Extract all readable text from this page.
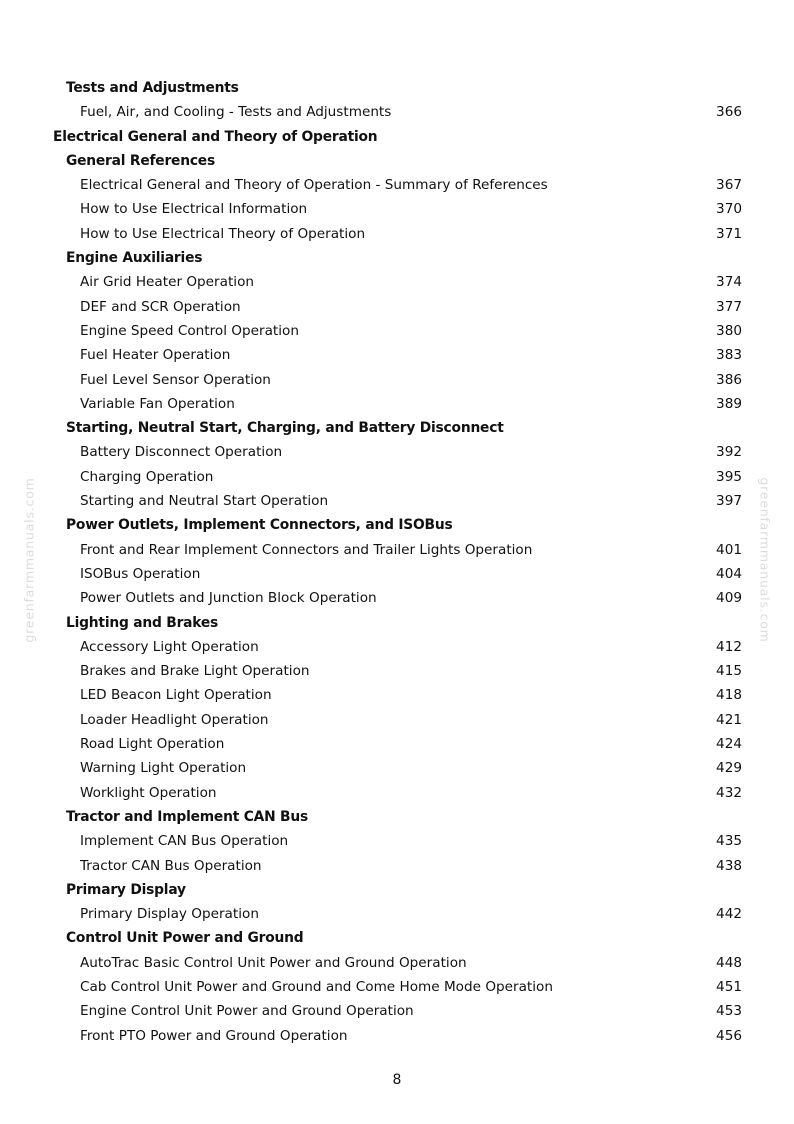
Tests and Adjustments
Fuel, Air, and Cooling - Tests and Adjustments	366
Electrical General and Theory of Operation
General References
Electrical General and Theory of Operation - Summary of References	367
How to Use Electrical Information	370
How to Use Electrical Theory of Operation	371
Engine Auxiliaries
Air Grid Heater Operation	374
DEF and SCR Operation	377
Engine Speed Control Operation	380
Fuel Heater Operation	383
Fuel Level Sensor Operation	386
Variable Fan Operation	389
Starting, Neutral Start, Charging, and Battery Disconnect
Battery Disconnect Operation	392
Charging Operation	395
Starting and Neutral Start Operation	397
Power Outlets, Implement Connectors, and ISOBus
Front and Rear Implement Connectors and Trailer Lights Operation	401
ISOBus Operation	404
Power Outlets and Junction Block Operation	409
Lighting and Brakes
Accessory Light Operation	412
Brakes and Brake Light Operation	415
LED Beacon Light Operation	418
Loader Headlight Operation	421
Road Light Operation	424
Warning Light Operation	429
Worklight Operation	432
Tractor and Implement CAN Bus
Implement CAN Bus Operation	435
Tractor CAN Bus Operation	438
Primary Display
Primary Display Operation	442
Control Unit Power and Ground
AutoTrac Basic Control Unit Power and Ground Operation	448
Cab Control Unit Power and Ground and Come Home Mode Operation	451
Engine Control Unit Power and Ground Operation	453
Front PTO Power and Ground Operation	456
greenfarmmanuals.com	greenfarmmanuals.com
8
